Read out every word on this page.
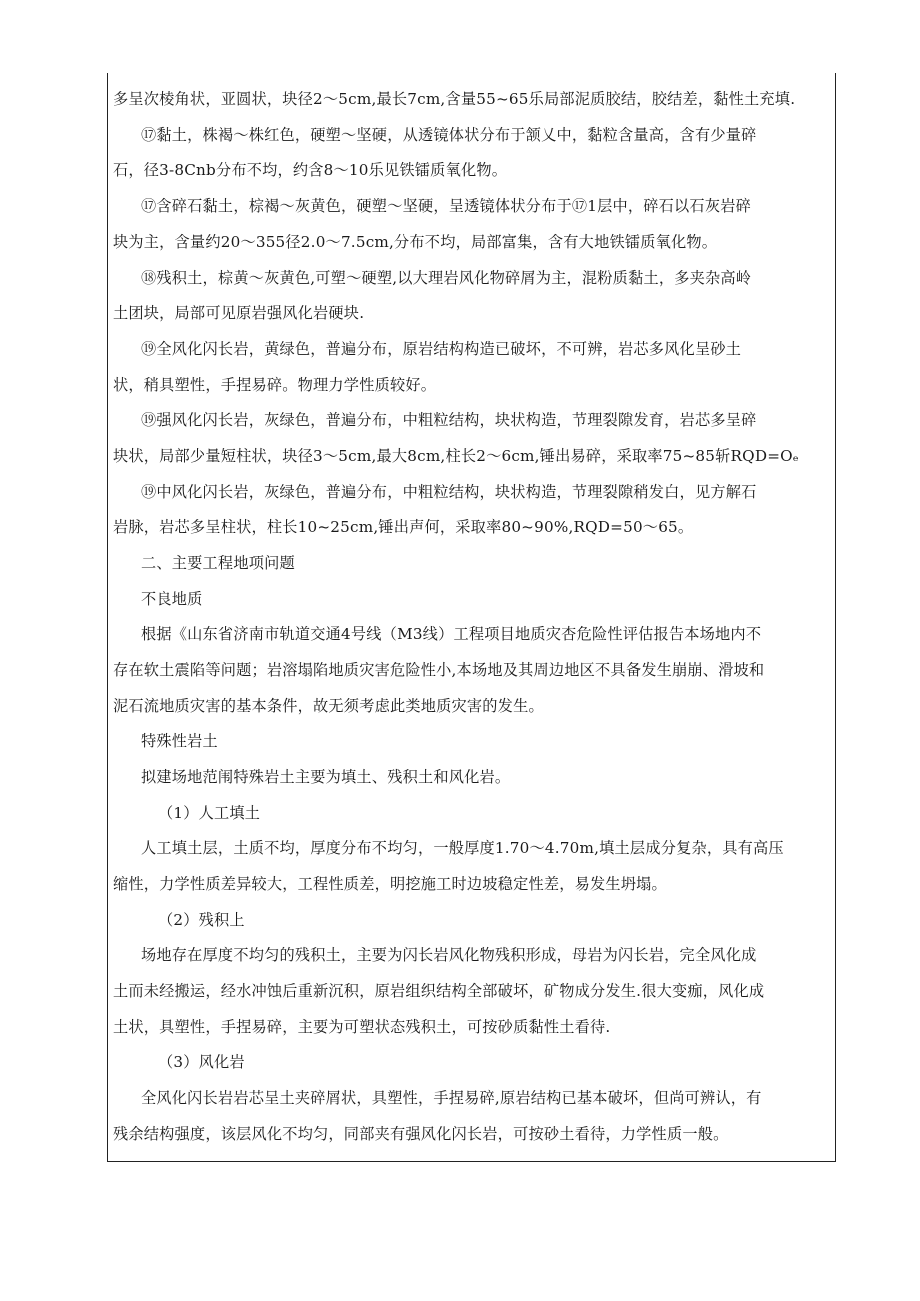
多呈次棱角状，亚圆状，块径2～5cm,最长7cm,含量55~65乐局部泥质胶结，胶结差，黏性土充填.
⑰黏土，株褐～株红色，硬塑～坚硬，从透镜体状分布于颔乂中，黏粒含量高，含有少量碎
石，径3-8Cnb分布不均，约含8～10乐见铁镭质氧化物。
⑰含碎石黏土，棕褐～灰黄色，硬塑～坚硬，呈透镜体状分布于⑰1层中，碎石以石灰岩碎
块为主，含量约20～355径2.0～7.5cm,分布不均，局部富集，含有大地铁镭质氧化物。
⑱残积土，棕黄～灰黄色,可塑～硬塑,以大理岩风化物碎屑为主，混粉质黏土，多夹杂高岭
土团块，局部可见原岩强风化岩硬块.
⑲全风化闪长岩，黄绿色，普遍分布，原岩结构构造已破坏，不可辨，岩芯多风化呈砂土
状，稍具塑性，手捏易碎。物理力学性质较好。
⑲强风化闪长岩，灰绿色，普遍分布，中粗粒结构，块状构造，节理裂隙发育，岩芯多呈碎
块状，局部少量短柱状，块径3～5cm,最大8cm,柱长2～6cm,锤出易碎，采取率75~85斩RQD=Oₑ
⑲中风化闪长岩，灰绿色，普遍分布，中粗粒结构，块状构造，节理裂隙稍发白，见方解石
岩脉，岩芯多呈柱状，柱长10~25cm,锤出声何，采取率80~90%,RQD=50～65。
二、主要工程地项问题
不良地质
根据《山东省济南市轨道交通4号线（M3线）工程项目地质灾杏危险性评估报告本场地内不
存在软土震陷等问题；岩溶塌陷地质灾害危险性小,本场地及其周边地区不具备发生崩崩、滑坡和
泥石流地质灾害的基本条件，故无须考虑此类地质灾害的发生。
特殊性岩土
拟建场地范闱特殊岩土主要为填土、残积土和风化岩。
（1）人工填土
人工填土层，土质不均，厚度分布不均匀，一般厚度1.70～4.70m,填土层成分复杂，具有高压
缩性，力学性质差异较大，工程性质差，明挖施工时边坡稳定性差，易发生坍塌。
（2）残积上
场地存在厚度不均匀的残积土，主要为闪长岩风化物残积形成，母岩为闪长岩，完全风化成
土而未经搬运，经水冲蚀后重新沉积，原岩组织结构全部破坏，矿物成分发生.很大变痂，风化成
土状，具塑性，手捏易碎，主要为可塑状态残积土，可按砂质黏性土看待.
（3）风化岩
全风化闪长岩岩芯呈土夹碎屑状，具塑性，手捏易碎,原岩结构已基本破坏，但尚可辨认，有
残余结构强度，该层风化不均匀，同部夹有强风化闪长岩，可按砂土看待，力学性质一般。
